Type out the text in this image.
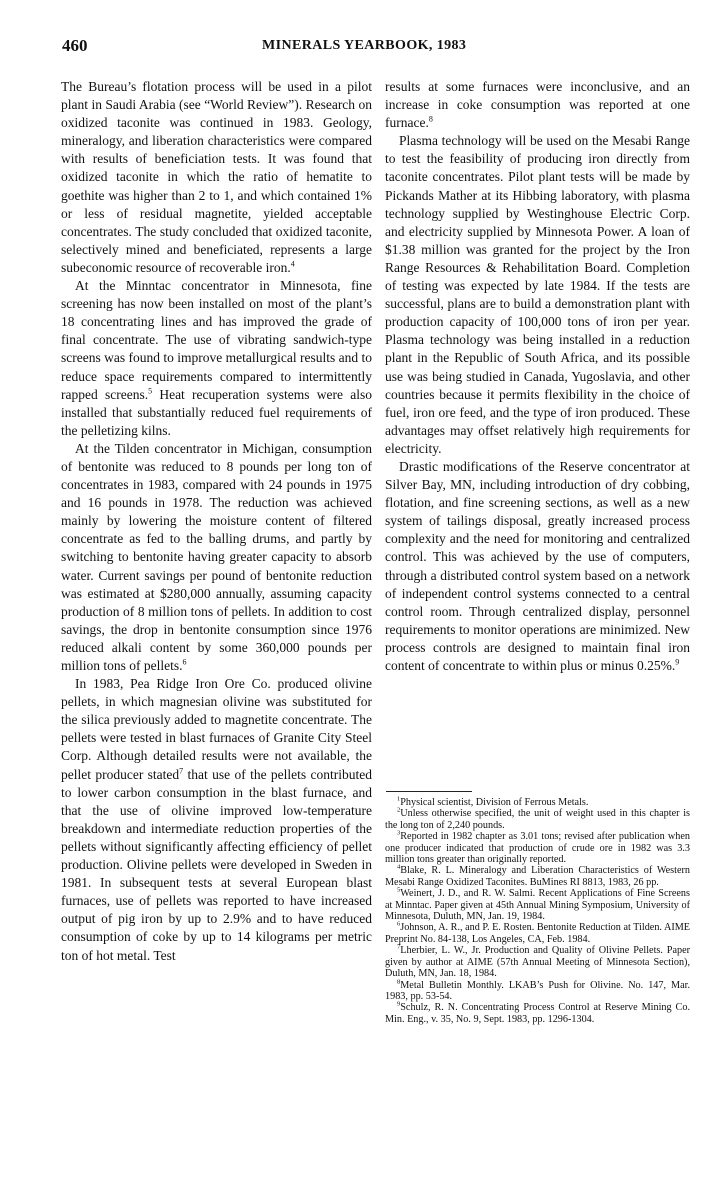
460	MINERALS YEARBOOK, 1983

The Bureau’s flotation process will be used in a pilot plant in Saudi Arabia (see “World Review”). Research on oxidized taconite was continued in 1983. Geology, mineralogy, and liberation characteristics were compared with results of beneficiation tests. It was found that oxidized taconite in which the ratio of hematite to goethite was higher than 2 to 1, and which contained 1% or less of residual magnetite, yielded acceptable concentrates. The study concluded that oxidized taconite, selectively mined and beneficiated, represents a large subeconomic resource of recoverable iron.$^4$

At the Minntac concentrator in Minnesota, fine screening has now been installed on most of the plant’s 18 concentrating lines and has improved the grade of final concentrate. The use of vibrating sandwich-type screens was found to improve metallurgical results and to reduce space requirements compared to intermittently rapped screens.$^5$ Heat recuperation systems were also installed that substantially reduced fuel requirements of the pelletizing kilns.

At the Tilden concentrator in Michigan, consumption of bentonite was reduced to 8 pounds per long ton of concentrates in 1983, compared with 24 pounds in 1975 and 16 pounds in 1978. The reduction was achieved mainly by lowering the moisture content of filtered concentrate as fed to the balling drums, and partly by switching to bentonite having greater capacity to absorb water. Current savings per pound of bentonite reduction was estimated at $280,000 annually, assuming capacity production of 8 million tons of pellets. In addition to cost savings, the drop in bentonite consumption since 1976 reduced alkali content by some 360,000 pounds per million tons of pellets.$^6$

In 1983, Pea Ridge Iron Ore Co. produced olivine pellets, in which magnesian olivine was substituted for the silica previously added to magnetite concentrate. The pellets were tested in blast furnaces of Granite City Steel Corp. Although detailed results were not available, the pellet producer stated$^7$ that use of the pellets contributed to lower carbon consumption in the blast furnace, and that the use of olivine improved low-temperature breakdown and intermediate reduction properties of the pellets without significantly affecting efficiency of pellet production. Olivine pellets were developed in Sweden in 1981. In subsequent tests at several European blast furnaces, use of pellets was reported to have increased output of pig iron by up to 2.9% and to have reduced consumption of coke by up to 14 kilograms per metric ton of hot metal. Test

results at some furnaces were inconclusive, and an increase in coke consumption was reported at one furnace.$^8$

Plasma technology will be used on the Mesabi Range to test the feasibility of producing iron directly from taconite concentrates. Pilot plant tests will be made by Pickands Mather at its Hibbing laboratory, with plasma technology supplied by Westinghouse Electric Corp. and electricity supplied by Minnesota Power. A loan of $1.38 million was granted for the project by the Iron Range Resources & Rehabilitation Board. Completion of testing was expected by late 1984. If the tests are successful, plans are to build a demonstration plant with production capacity of 100,000 tons of iron per year. Plasma technology was being installed in a reduction plant in the Republic of South Africa, and its possible use was being studied in Canada, Yugoslavia, and other countries because it permits flexibility in the choice of fuel, iron ore feed, and the type of iron produced. These advantages may offset relatively high requirements for electricity.

Drastic modifications of the Reserve concentrator at Silver Bay, MN, including introduction of dry cobbing, flotation, and fine screening sections, as well as a new system of tailings disposal, greatly increased process complexity and the need for monitoring and centralized control. This was achieved by the use of computers, through a distributed control system based on a network of independent control systems connected to a central control room. Through centralized display, personnel requirements to monitor operations are minimized. New process controls are designed to maintain final iron content of concentrate to within plus or minus 0.25%.$^9$

$^1$Physical scientist, Division of Ferrous Metals.

$^2$Unless otherwise specified, the unit of weight used in this chapter is the long ton of 2,240 pounds.

$^3$Reported in 1982 chapter as 3.01 tons; revised after publication when one producer indicated that production of crude ore in 1982 was 3.3 million tons greater than originally reported.

$^4$Blake, R. L. Mineralogy and Liberation Characteristics of Western Mesabi Range Oxidized Taconites. BuMines RI 8813, 1983, 26 pp.

$^5$Weinert, J. D., and R. W. Salmi. Recent Applications of Fine Screens at Minntac. Paper given at 45th Annual Mining Symposium, University of Minnesota, Duluth, MN, Jan. 19, 1984.

$^6$Johnson, A. R., and P. E. Rosten. Bentonite Reduction at Tilden. AIME Preprint No. 84-138, Los Angeles, CA, Feb. 1984.

$^7$Lherbier, L. W., Jr. Production and Quality of Olivine Pellets. Paper given by author at AIME (57th Annual Meeting of Minnesota Section), Duluth, MN, Jan. 18, 1984.

$^8$Metal Bulletin Monthly. LKAB’s Push for Olivine. No. 147, Mar. 1983, pp. 53-54.

$^9$Schulz, R. N. Concentrating Process Control at Reserve Mining Co. Min. Eng., v. 35, No. 9, Sept. 1983, pp. 1296-1304.
